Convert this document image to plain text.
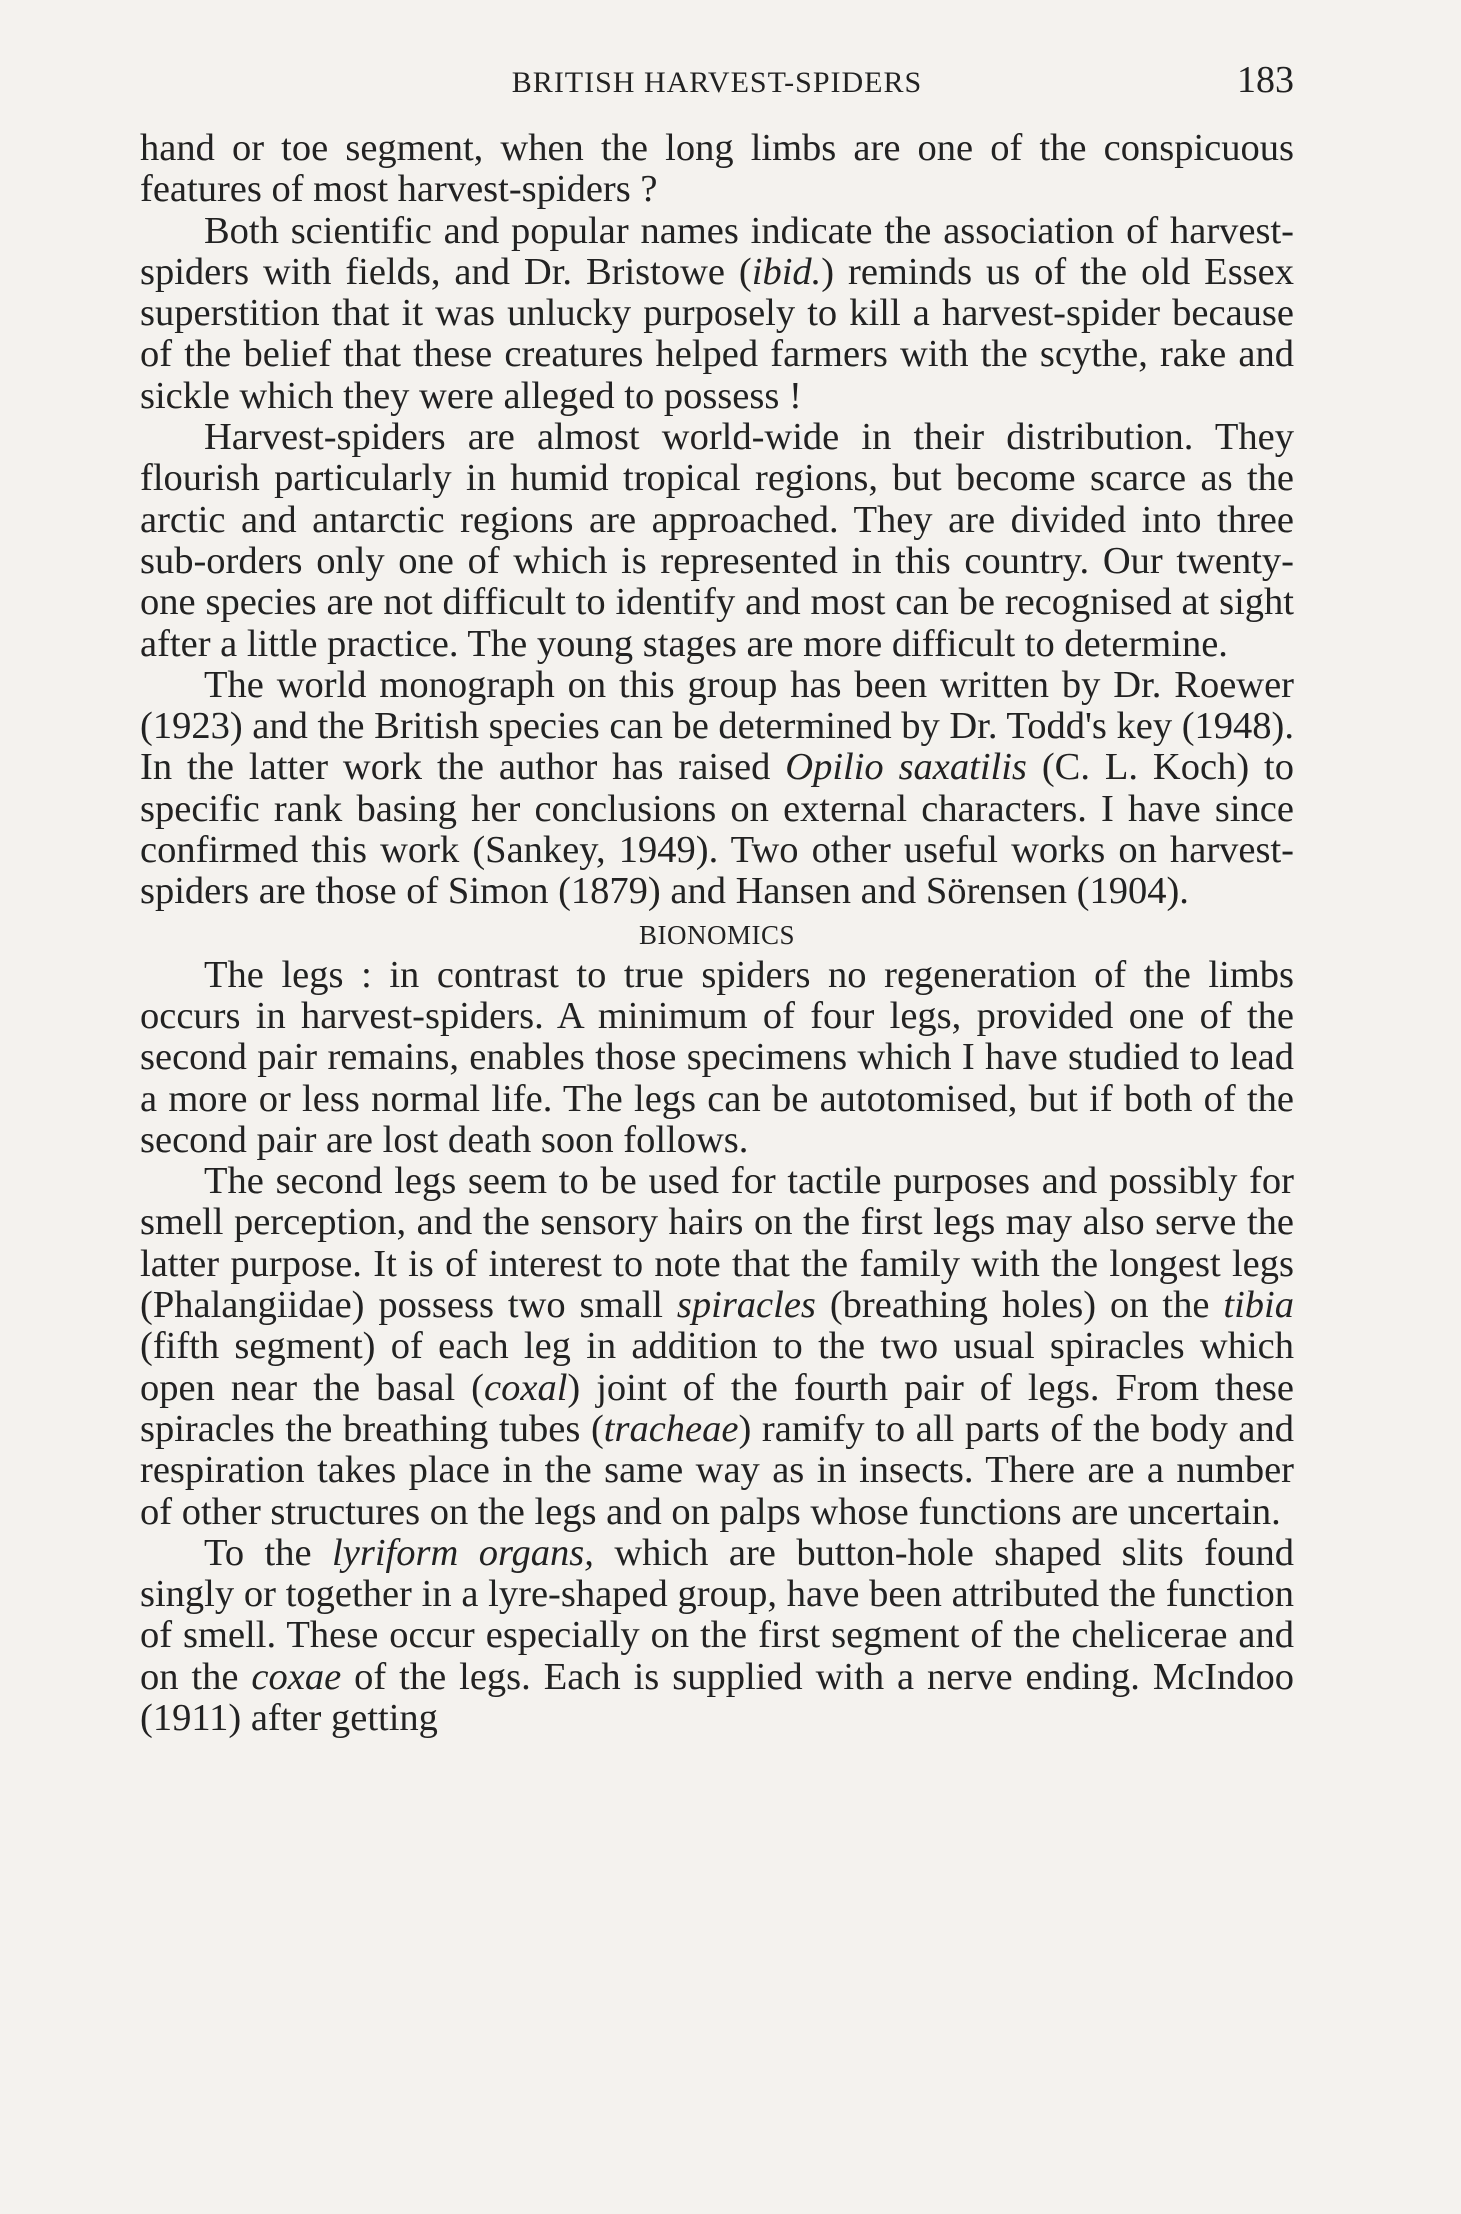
BRITISH HARVEST-SPIDERS	183

hand or toe segment, when the long limbs are one of the conspicuous features of most harvest-spiders ?

Both scientific and popular names indicate the association of harvest-spiders with fields, and Dr. Bristowe (ibid.) reminds us of the old Essex superstition that it was unlucky purposely to kill a harvest-spider because of the belief that these creatures helped farmers with the scythe, rake and sickle which they were alleged to possess !

Harvest-spiders are almost world-wide in their distribution. They flourish particularly in humid tropical regions, but become scarce as the arctic and antarctic regions are approached. They are divided into three sub-orders only one of which is represented in this country. Our twenty-one species are not difficult to identify and most can be recognised at sight after a little practice. The young stages are more difficult to determine.

The world monograph on this group has been written by Dr. Roewer (1923) and the British species can be determined by Dr. Todd's key (1948). In the latter work the author has raised Opilio saxatilis (C. L. Koch) to specific rank basing her conclusions on external characters. I have since confirmed this work (Sankey, 1949). Two other useful works on harvest-spiders are those of Simon (1879) and Hansen and Sörensen (1904).

BIONOMICS

The legs : in contrast to true spiders no regeneration of the limbs occurs in harvest-spiders. A minimum of four legs, provided one of the second pair remains, enables those specimens which I have studied to lead a more or less normal life. The legs can be autotomised, but if both of the second pair are lost death soon follows.

The second legs seem to be used for tactile purposes and possibly for smell perception, and the sensory hairs on the first legs may also serve the latter purpose. It is of interest to note that the family with the longest legs (Phalangiidae) possess two small spiracles (breathing holes) on the tibia (fifth segment) of each leg in addition to the two usual spiracles which open near the basal (coxal) joint of the fourth pair of legs. From these spiracles the breathing tubes (tracheae) ramify to all parts of the body and respiration takes place in the same way as in insects. There are a number of other structures on the legs and on palps whose functions are uncertain.

To the lyriform organs, which are button-hole shaped slits found singly or together in a lyre-shaped group, have been attributed the function of smell. These occur especially on the first segment of the chelicerae and on the coxae of the legs. Each is supplied with a nerve ending. McIndoo (1911) after getting
